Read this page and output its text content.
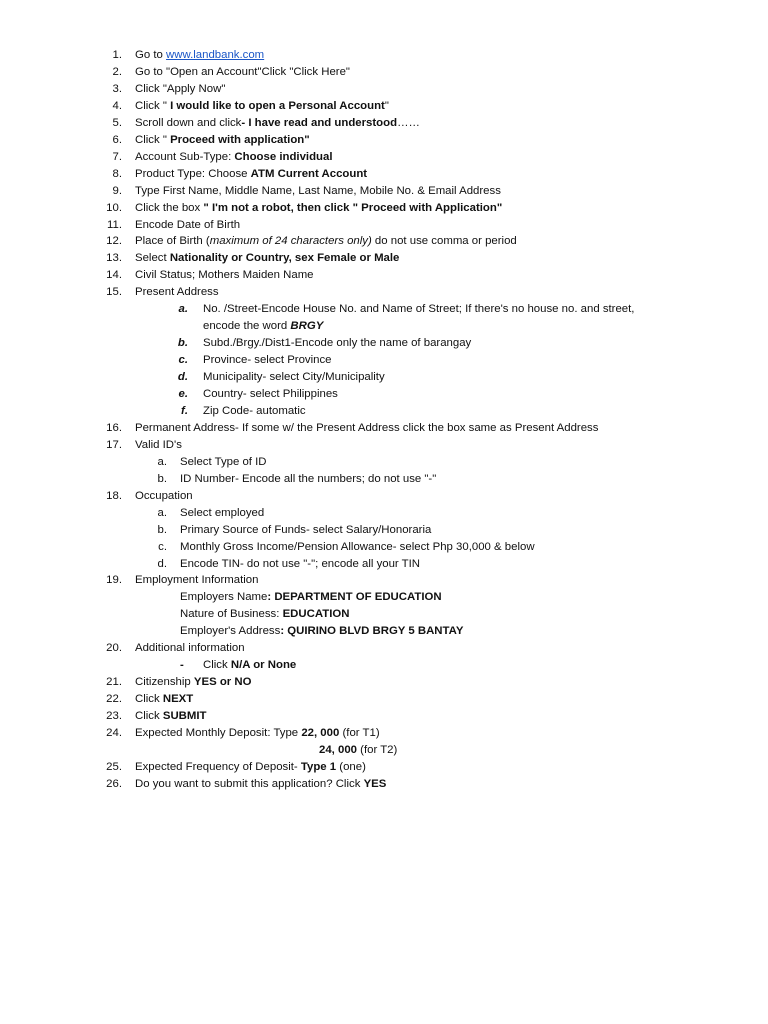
1. Go to www.landbank.com
2. Go to "Open an Account"Click "Click Here"
3. Click "Apply Now"
4. Click " I would like to open a Personal Account"
5. Scroll down and click- I have read and understood……
6. Click " Proceed with application"
7. Account Sub-Type: Choose individual
8. Product Type: Choose ATM Current Account
9. Type First Name, Middle Name, Last Name, Mobile No. & Email Address
10. Click the box " I'm not a robot, then click " Proceed with Application"
11. Encode Date of Birth
12. Place of Birth (maximum of 24 characters only) do not use comma or period
13. Select Nationality or Country, sex Female or Male
14. Civil Status; Mothers Maiden Name
15. Present Address
a. No. /Street-Encode House No. and Name of Street; If there's no house no. and street,
encode the word BRGY
b. Subd./Brgy./Dist1-Encode only the name of barangay
c. Province- select Province
d. Municipality- select City/Municipality
e. Country- select Philippines
f. Zip Code- automatic
16. Permanent Address- If some w/ the Present Address click the box same as Present Address
17. Valid ID's
a. Select Type of ID
b. ID Number- Encode all the numbers; do not use "-"
18. Occupation
a. Select employed
b. Primary Source of Funds- select Salary/Honoraria
c. Monthly Gross Income/Pension Allowance- select Php 30,000 & below
d. Encode TIN- do not use "-"; encode all your TIN
19. Employment Information
Employers Name: DEPARTMENT OF EDUCATION
Nature of Business: EDUCATION
Employer's Address: QUIRINO BLVD BRGY 5 BANTAY
20. Additional information
- Click N/A or None
21. Citizenship YES or NO
22. Click NEXT
23. Click SUBMIT
24. Expected Monthly Deposit: Type 22, 000 (for T1)
24, 000 (for T2)
25. Expected Frequency of Deposit- Type 1 (one)
26. Do you want to submit this application? Click YES
